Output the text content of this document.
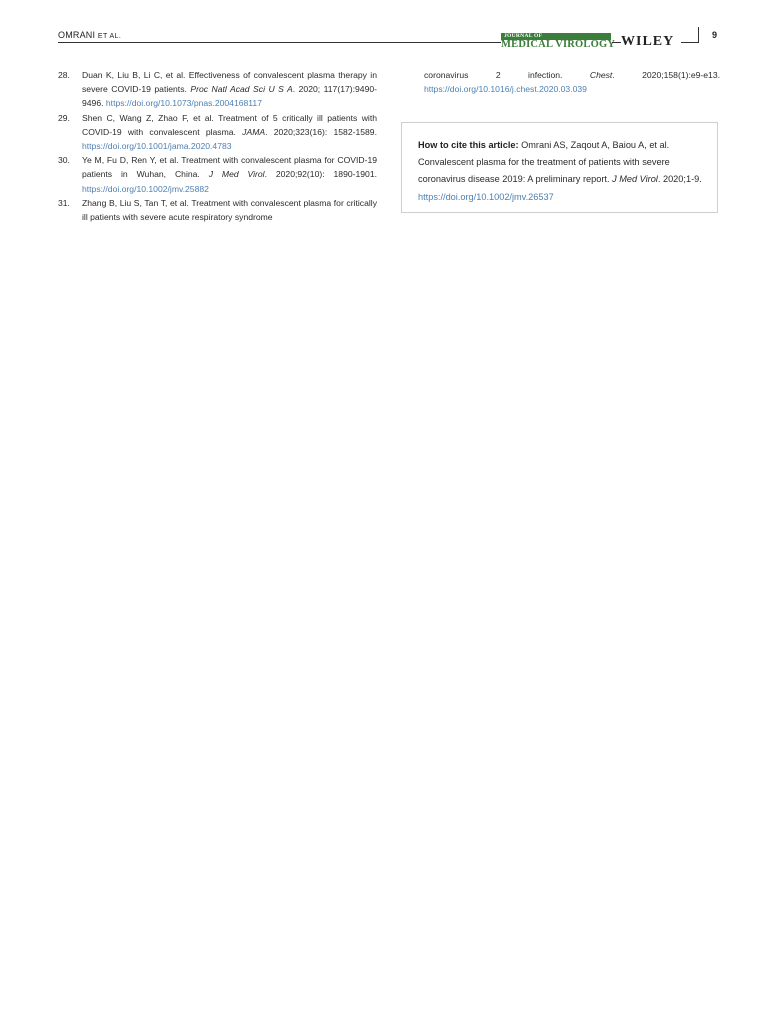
OMRANI ET AL.	JOURNAL OF
MEDICAL VIROLOGY WILEY	9
28. Duan K, Liu B, Li C, et al. Effectiveness of convalescent plasma therapy in severe COVID-19 patients. Proc Natl Acad Sci U S A. 2020; 117(17):9490-9496. https://doi.org/10.1073/pnas.2004168117
29. Shen C, Wang Z, Zhao F, et al. Treatment of 5 critically ill patients with COVID-19 with convalescent plasma. JAMA. 2020;323(16): 1582-1589. https://doi.org/10.1001/jama.2020.4783
30. Ye M, Fu D, Ren Y, et al. Treatment with convalescent plasma for COVID-19 patients in Wuhan, China. J Med Virol. 2020;92(10): 1890-1901. https://doi.org/10.1002/jmv.25882
31. Zhang B, Liu S, Tan T, et al. Treatment with convalescent plasma for critically ill patients with severe acute respiratory syndrome
coronavirus 2 infection. Chest. 2020;158(1):e9-e13. https://doi.org/10.1016/j.chest.2020.03.039
How to cite this article: Omrani AS, Zaqout A, Baiou A, et al. Convalescent plasma for the treatment of patients with severe coronavirus disease 2019: A preliminary report. J Med Virol. 2020;1-9. https://doi.org/10.1002/jmv.26537
